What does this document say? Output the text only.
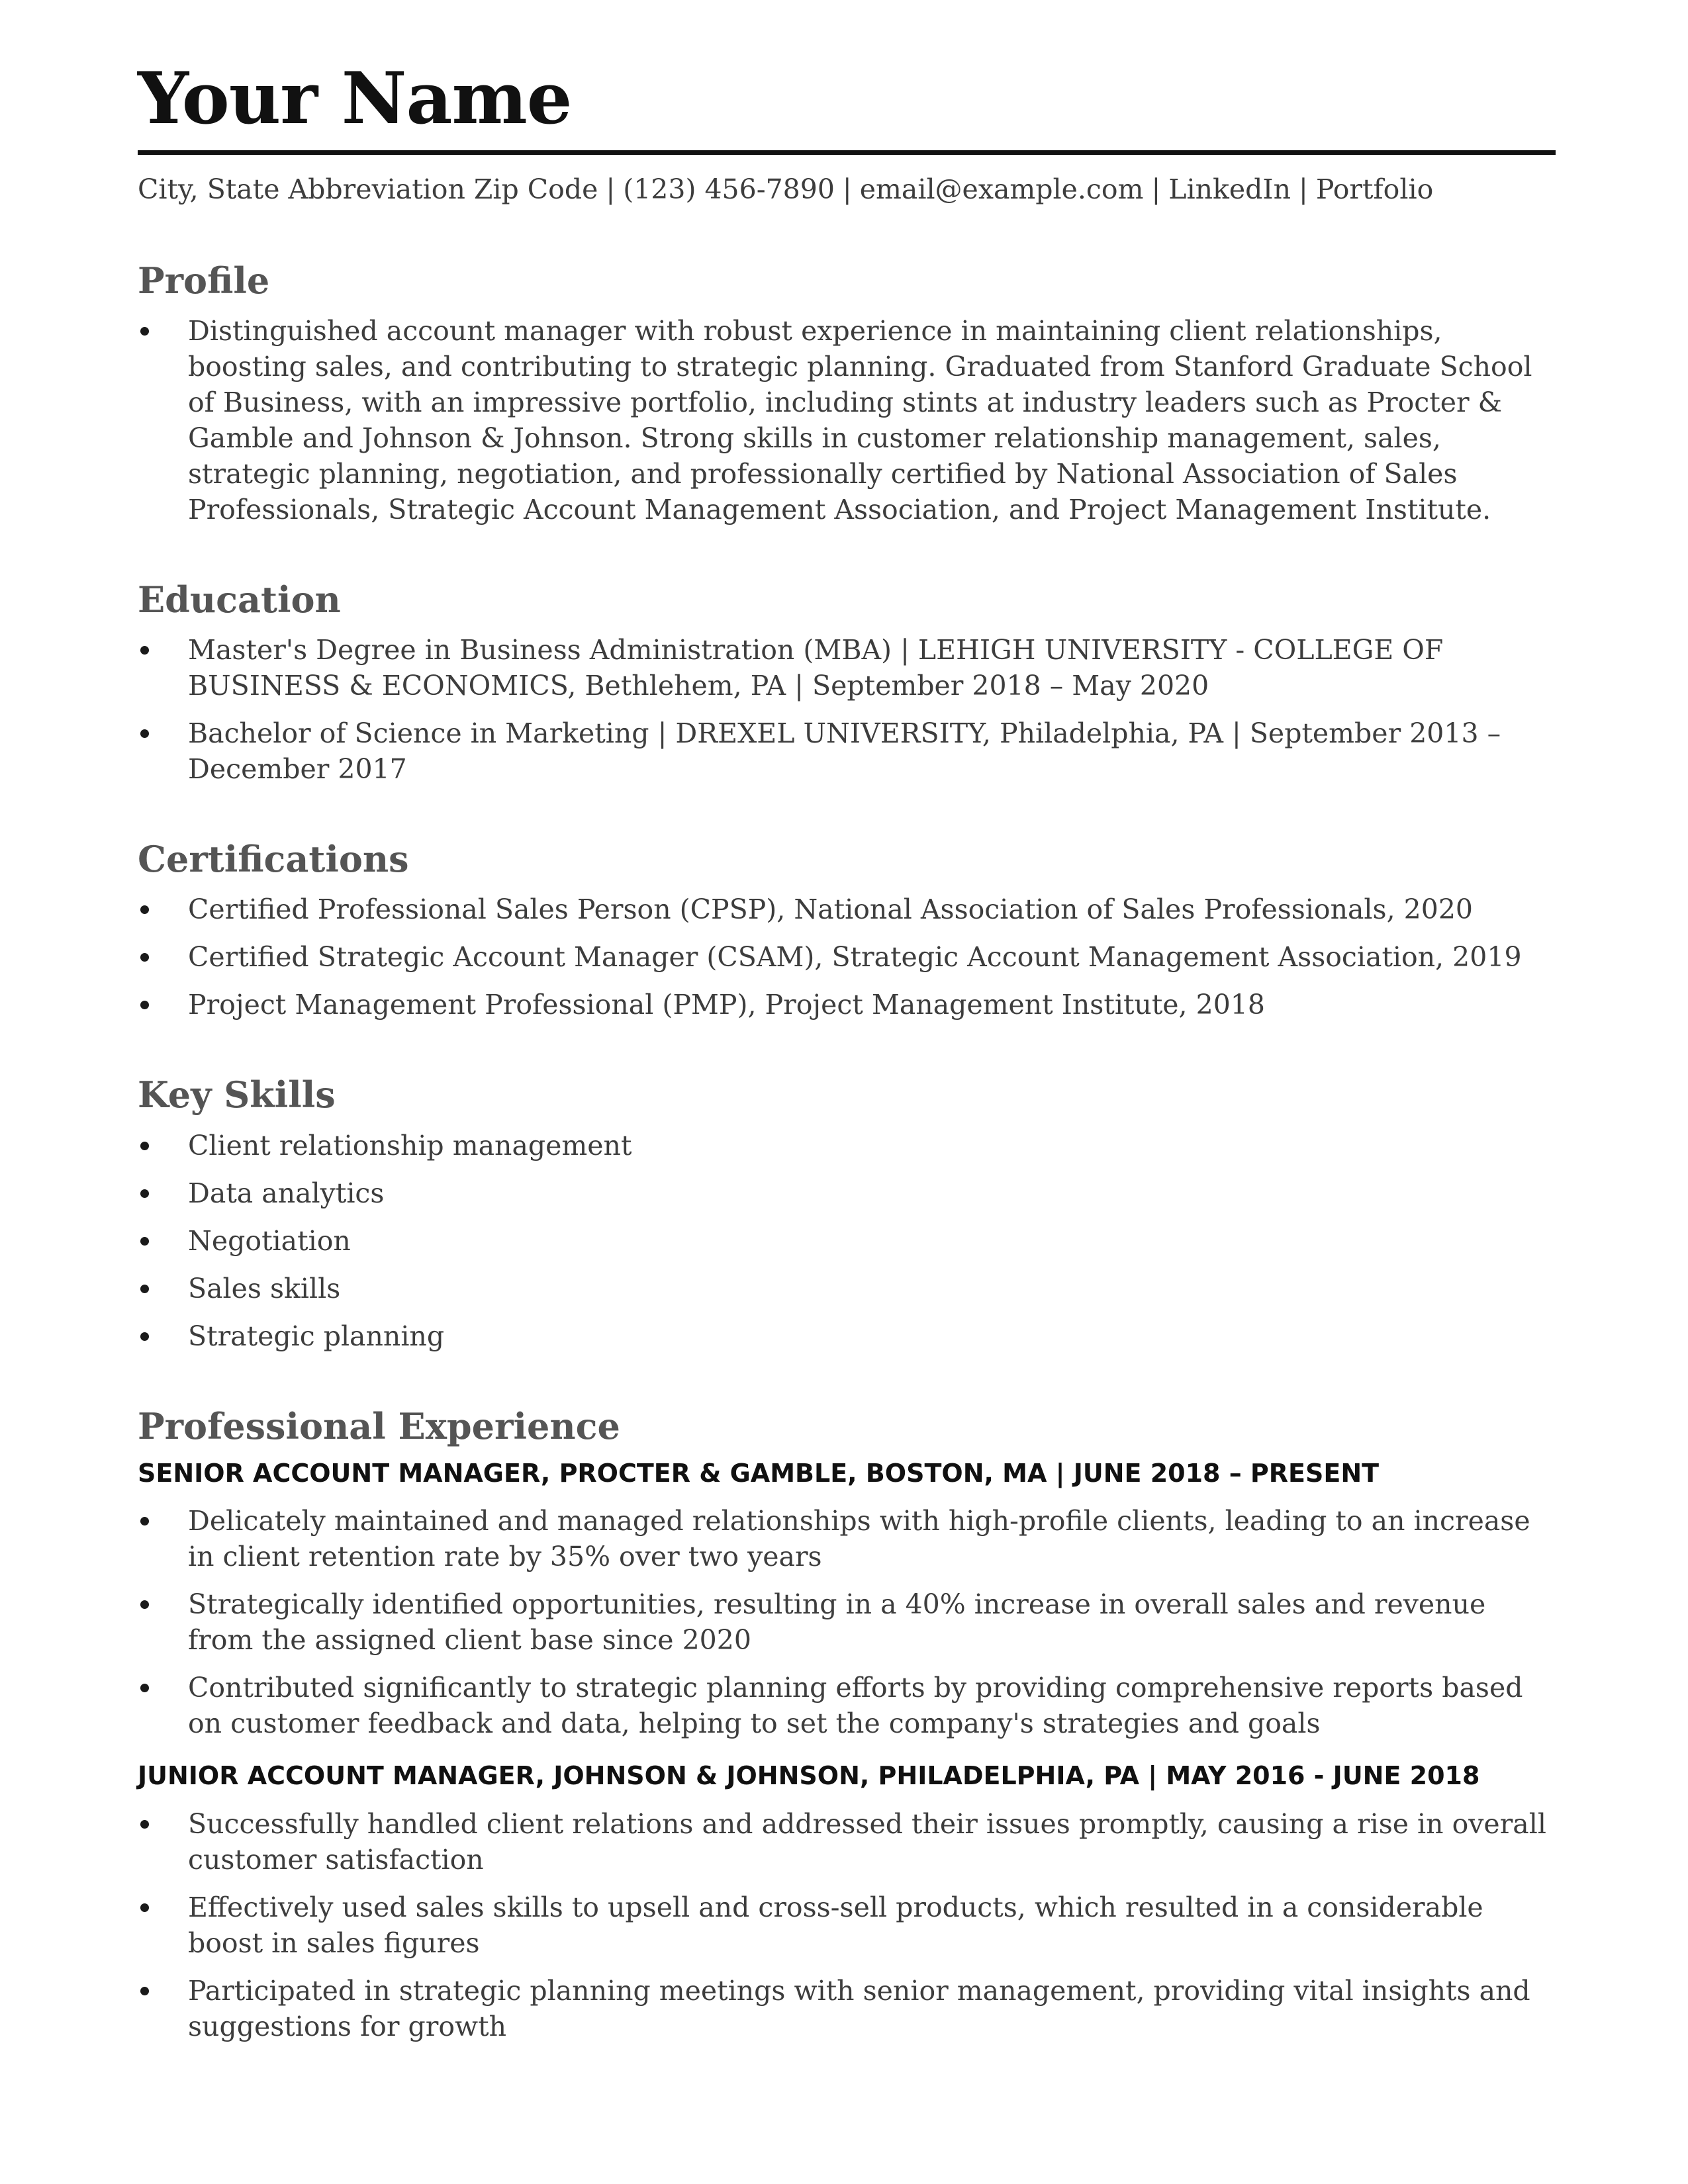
Your Name
City, State Abbreviation Zip Code | (123) 456-7890 | email@example.com | LinkedIn | Portfolio
Profile
Distinguished account manager with robust experience in maintaining client relationships, boosting sales, and contributing to strategic planning. Graduated from Stanford Graduate School of Business, with an impressive portfolio, including stints at industry leaders such as Procter & Gamble and Johnson & Johnson. Strong skills in customer relationship management, sales, strategic planning, negotiation, and professionally certified by National Association of Sales Professionals, Strategic Account Management Association, and Project Management Institute.
Education
Master's Degree in Business Administration (MBA) | LEHIGH UNIVERSITY - COLLEGE OF BUSINESS & ECONOMICS, Bethlehem, PA | September 2018 – May 2020
Bachelor of Science in Marketing | DREXEL UNIVERSITY, Philadelphia, PA | September 2013 – December 2017
Certifications
Certified Professional Sales Person (CPSP), National Association of Sales Professionals, 2020
Certified Strategic Account Manager (CSAM), Strategic Account Management Association, 2019
Project Management Professional (PMP), Project Management Institute, 2018
Key Skills
Client relationship management
Data analytics
Negotiation
Sales skills
Strategic planning
Professional Experience
SENIOR ACCOUNT MANAGER, PROCTER & GAMBLE, BOSTON, MA | JUNE 2018 – PRESENT
Delicately maintained and managed relationships with high-profile clients, leading to an increase in client retention rate by 35% over two years
Strategically identified opportunities, resulting in a 40% increase in overall sales and revenue from the assigned client base since 2020
Contributed significantly to strategic planning efforts by providing comprehensive reports based on customer feedback and data, helping to set the company's strategies and goals
JUNIOR ACCOUNT MANAGER, JOHNSON & JOHNSON, PHILADELPHIA, PA | MAY 2016 - JUNE 2018
Successfully handled client relations and addressed their issues promptly, causing a rise in overall customer satisfaction
Effectively used sales skills to upsell and cross-sell products, which resulted in a considerable boost in sales figures
Participated in strategic planning meetings with senior management, providing vital insights and suggestions for growth
